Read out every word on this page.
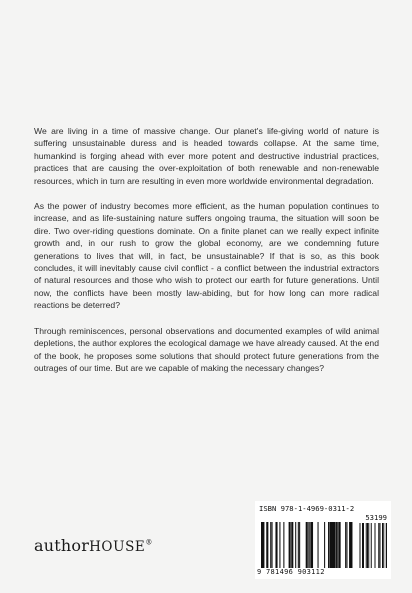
We are living in a time of massive change. Our planet's life-giving world of nature is suffering unsustainable duress and is headed towards collapse. At the same time, humankind is forging ahead with ever more potent and destructive industrial practices, practices that are causing the over-exploitation of both renewable and non-renewable resources, which in turn are resulting in even more worldwide environmental degradation.

As the power of industry becomes more efficient, as the human population continues to increase, and as life-sustaining nature suffers ongoing trauma, the situation will soon be dire. Two over-riding questions dominate. On a finite planet can we really expect infinite growth and, in our rush to grow the global economy, are we condemning future generations to lives that will, in fact, be unsustainable? If that is so, as this book concludes, it will inevitably cause civil conflict - a conflict between the industrial extractors of natural resources and those who wish to protect our earth for future generations. Until now, the conflicts have been mostly law-abiding, but for how long can more radical reactions be deterred?

Through reminiscences, personal observations and documented examples of wild animal depletions, the author explores the ecological damage we have already caused. At the end of the book, he proposes some solutions that should protect future generations from the outrages of our time. But are we capable of making the necessary changes?

authorHOUSE®
ISBN 978-1-4969-0311-2
53199
9 781496 903112
